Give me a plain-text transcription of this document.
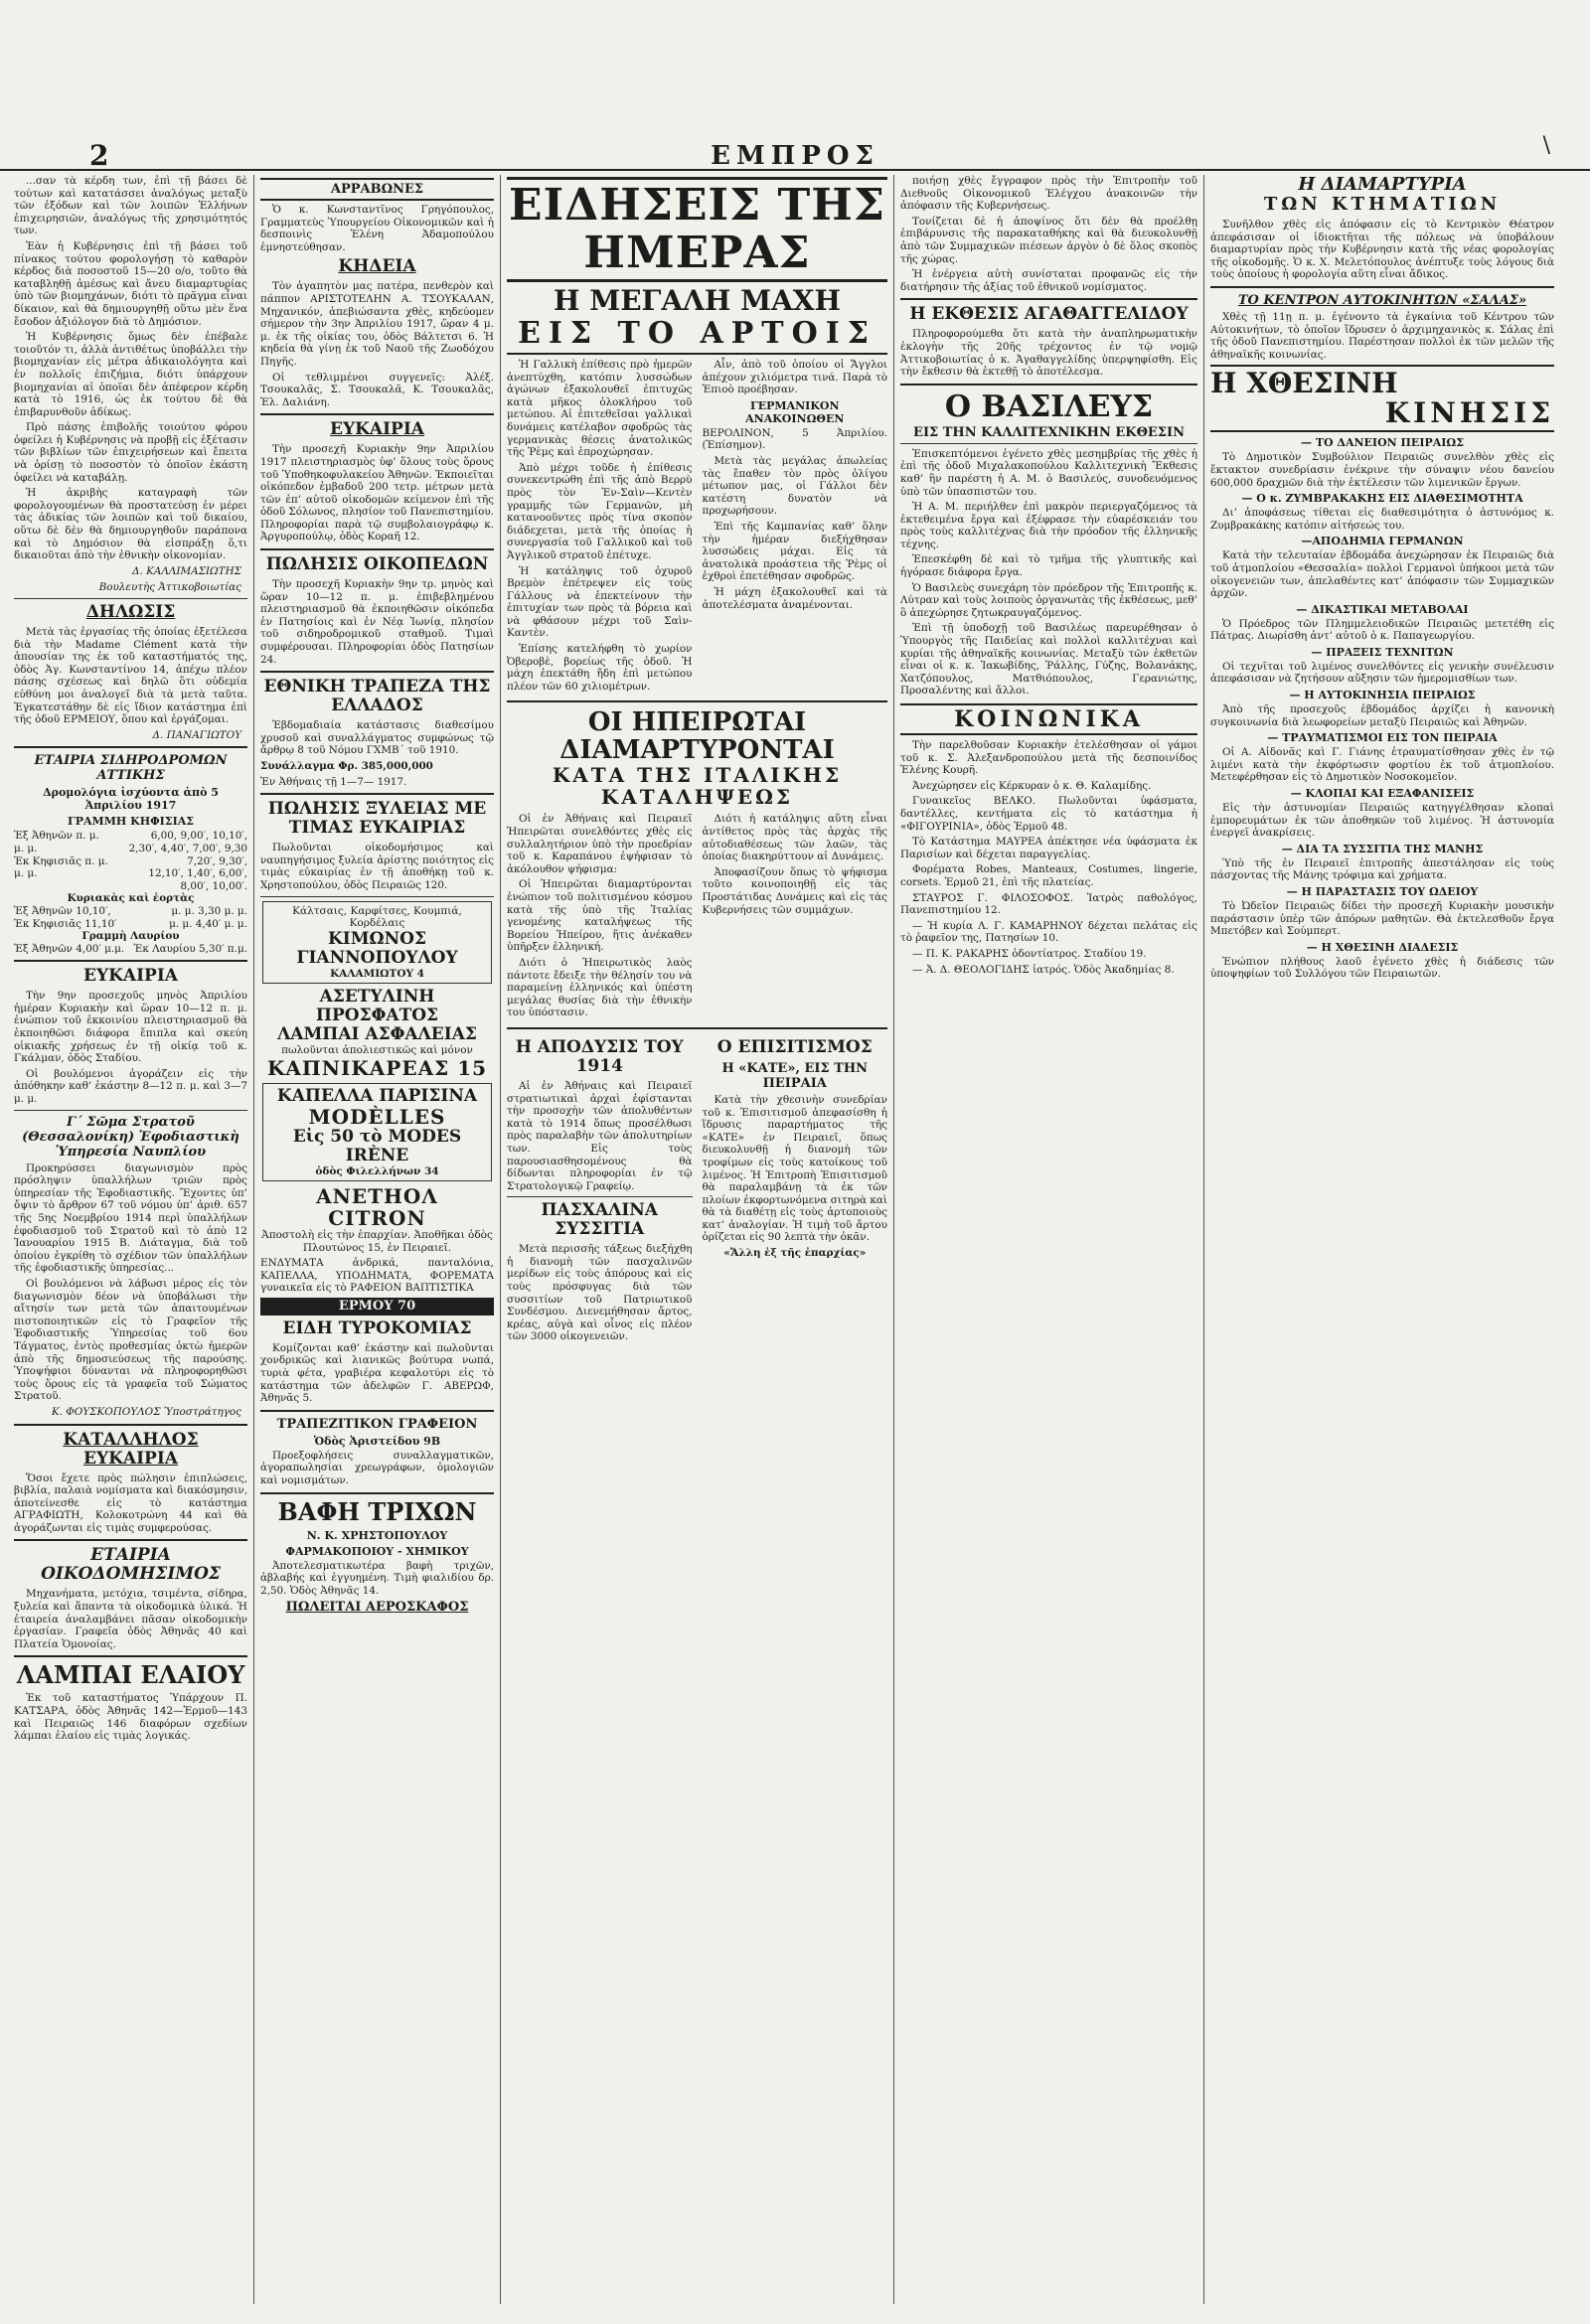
2	ΕΜΠΡΟΣ	\

...σαν τὰ κέρδη των, ἐπὶ τῇ βάσει δὲ τούτων καὶ κατατάσσει ἀναλόγως μεταξὺ τῶν ἐξόδων καὶ τῶν λοιπῶν Ἑλλήνων ἐπιχειρησιῶν, ἀναλόγως τῆς χρησιμότητός των.

Ἐὰν ἡ Κυβέρνησις ἐπὶ τῇ βάσει τοῦ πίνακος τούτου φορολογήσῃ τὸ καθαρὸν κέρδος διὰ ποσοστοῦ 15—20 ο/ο, τοῦτο θὰ καταβληθῇ ἀμέσως καὶ ἄνευ διαμαρτυρίας ὑπὸ τῶν βιομηχάνων, διότι τὸ πρᾶγμα εἶναι δίκαιον, καὶ θὰ δημιουργηθῇ οὕτω μὲν ἕνα ἔσοδον ἀξιόλογον διὰ τὸ Δημόσιον.

Ἡ Κυβέρνησις ὅμως δὲν ἐπέβαλε τοιοῦτόν τι, ἀλλὰ ἀντιθέτως ὑποβάλλει τὴν βιομηχανίαν εἰς μέτρα ἀδικαιολόγητα καὶ ἐν πολλοῖς ἐπιζήμια, διότι ὑπάρχουν βιομηχανίαι αἱ ὁποῖαι δὲν ἀπέφερον κέρδη κατὰ τὸ 1916, ὡς ἐκ τούτου δὲ θὰ ἐπιβαρυνθοῦν ἀδίκως.

Πρὸ πάσης ἐπιβολῆς τοιούτου φόρου ὀφείλει ἡ Κυβέρνησις νὰ προβῇ εἰς ἐξέτασιν τῶν βιβλίων τῶν ἐπιχειρήσεων καὶ ἔπειτα νὰ ὁρίσῃ τὸ ποσοστὸν τὸ ὁποῖον ἐκάστη ὀφείλει νὰ καταβάλῃ.

Ἡ ἀκριβὴς καταγραφὴ τῶν φορολογουμένων θὰ προστατεύσῃ ἐν μέρει τὰς ἀδικίας τῶν λοιπῶν καὶ τοῦ δικαίου, οὕτω δὲ δὲν θὰ δημιουργηθοῦν παράπονα καὶ τὸ Δημόσιον θὰ εἰσπράξῃ ὅ,τι δικαιοῦται ἀπὸ τὴν ἐθνικὴν οἰκονομίαν.

Δ. ΚΑΛΛΙΜΑΣΙΩΤΗΣ
Βουλευτὴς Ἀττικοβοιωτίας
ΔΗΛΩΣΙΣ

Μετὰ τὰς ἐργασίας τῆς ὁποίας ἐξετέλεσα διὰ τὴν Madame Clément κατὰ τὴν ἀπουσίαν της ἐκ τοῦ καταστήματός της, ὁδὸς Ἀγ. Κωνσταντίνου 14, ἀπέχω πλέον πάσης σχέσεως καὶ δηλῶ ὅτι οὐδεμία εὐθύνη μοι ἀναλογεῖ διὰ τὰ μετὰ ταῦτα. Ἐγκατεστάθην δὲ εἰς ἴδιον κατάστημα ἐπὶ τῆς ὁδοῦ ΕΡΜΕΙΟΥ, ὅπου καὶ ἐργάζομαι.

Δ. ΠΑΝΑΓΙΩΤΟΥ
ΕΤΑΙΡΙΑ ΣΙΔΗΡΟΔΡΟΜΩΝ ΑΤΤΙΚΗΣ
Δρομολόγια ἰσχύοντα ἀπὸ 5 Ἀπριλίου 1917
ΓΡΑΜΜΗ ΚΗΦΙΣΙΑΣ
Ἐξ Ἀθηνῶν π. μ.	6,00, 9,00′, 10,10′,
μ. μ.	2,30′, 4,40′, 7,00′, 9,30
Ἐκ Κηφισιᾶς π. μ.	7,20′, 9,30′,
μ. μ.	12,10′, 1,40′, 6,00′,
8,00′, 10,00′.
Κυριακὰς καὶ ἑορτὰς
Ἐξ Ἀθηνῶν 10,10′,	μ. μ. 3,30 μ. μ.
Ἐκ Κηφισιᾶς 11,10′	μ. μ. 4,40′ μ. μ.
Γραμμὴ Λαυρίου
Ἐξ Ἀθηνῶν 4,00′ μ.μ. Ἐκ Λαυρίου 5,30′ π.μ.
ΕΥΚΑΙΡΙΑ

Τὴν 9ην προσεχοῦς μηνὸς Ἀπριλίου ἡμέραν Κυριακὴν καὶ ὥραν 10—12 π. μ. ἐνώπιον τοῦ ἐκκοινίου πλειστηριασμοῦ θὰ ἐκποιηθῶσι διάφορα ἔπιπλα καὶ σκεύη οἰκιακῆς χρήσεως ἐν τῇ οἰκίᾳ τοῦ κ. Γκάλμαν, ὁδὸς Σταδίου.

Οἱ βουλόμενοι ἀγοράζειν εἰς τὴν ἀπόθηκην καθ’ ἑκάστην 8—12 π. μ. καὶ 3—7 μ. μ.

Γ΄ Σῶμα Στρατοῦ (Θεσσαλονίκη) Ἐφοδιαστικὴ Ὑπηρεσία Ναυπλίου

Προκηρύσσει διαγωνισμὸν πρὸς πρόσληψιν ὑπαλλήλων τριῶν πρὸς ὑπηρεσίαν τῆς Ἐφοδιαστικῆς. Ἔχοντες ὑπ’ ὄψιν τὸ ἄρθρον 67 τοῦ νόμου ὑπ’ ἀριθ. 657 τῆς 5ης Νοεμβρίου 1914 περὶ ὑπαλλήλων ἐφοδιασμοῦ τοῦ Στρατοῦ καὶ τὸ ἀπὸ 12 Ἰανουαρίου 1915 Β. Διάταγμα, διὰ τοῦ ὁποίου ἐγκρίθη τὸ σχέδιον τῶν ὑπαλλήλων τῆς ἐφοδιαστικῆς ὑπηρεσίας...

Οἱ βουλόμενοι νὰ λάβωσι μέρος εἰς τὸν διαγωνισμὸν δέον νὰ ὑποβάλωσι τὴν αἴτησίν των μετὰ τῶν ἀπαιτουμένων πιστοποιητικῶν εἰς τὸ Γραφεῖον τῆς Ἐφοδιαστικῆς Ὑπηρεσίας τοῦ 6ου Τάγματος, ἐντὸς προθεσμίας ὀκτὼ ἡμερῶν ἀπὸ τῆς δημοσιεύσεως τῆς παρούσης. Ὑποψήφιοι δύνανται νὰ πληροφορηθῶσι τοὺς ὅρους εἰς τὰ γραφεῖα τοῦ Σώματος Στρατοῦ.

Κ. ΦΟΥΣΚΟΠΟΥΛΟΣ Ὑποστράτηγος
ΚΑΤΑΛΛΗΛΟΣ ΕΥΚΑΙΡΙΑ

Ὅσοι ἔχετε πρὸς πώλησιν ἐπιπλώσεις, βιβλία, παλαιὰ νομίσματα καὶ διακόσμησιν, ἀποτείνεσθε εἰς τὸ κατάστημα ΑΓΡΑΦΙΩΤΗ, Κολοκοτρώνη 44 καὶ θὰ ἀγοράζωνται εἰς τιμὰς συμφερούσας.

ΕΤΑΙΡΙΑ ΟΙΚΟΔΟΜΗΣΙΜΟΣ

Μηχανήματα, μετόχια, τσιμέντα, σίδηρα, ξυλεία καὶ ἅπαντα τὰ οἰκοδομικὰ ὑλικά. Ἡ ἐταιρεία ἀναλαμβάνει πᾶσαν οἰκοδομικὴν ἐργασίαν. Γραφεῖα ὁδὸς Ἀθηνᾶς 40 καὶ Πλατεία Ὁμονοίας.

ΛΑΜΠΑΙ ΕΛΑΙΟΥ

Ἐκ τοῦ καταστήματος Ὑπάρχουν Π. ΚΑΤΣΑΡΑ, ὁδὸς Ἀθηνᾶς 142—Ἐρμοῦ—143 καὶ Πειραιῶς 146 διαφόρων σχεδίων λάμπαι ἐλαίου εἰς τιμὰς λογικάς.

ΑΡΡΑΒΩΝΕΣ

Ὁ κ. Κωνσταντῖνος Γρηγόπουλος, Γραμματεὺς Ὑπουργείου Οἰκονομικῶν καὶ ἡ δεσποινὶς Ἑλένη Ἀδαμοπούλου ἐμνηστεύθησαν.

ΚΗΔΕΙΑ

Τὸν ἀγαπητὸν μας πατέρα, πενθερὸν καὶ πάππον ΑΡΙΣΤΟΤΕΛΗΝ Α. ΤΣΟΥΚΑΛΑΝ, Μηχανικόν, ἀπεβιώσαντα χθὲς, κηδεύομεν σήμερον τὴν 3ην Ἀπριλίου 1917, ὥραν 4 μ. μ. ἐκ τῆς οἰκίας του, ὁδὸς Βάλτετσι 6. Ἡ κηδεία θὰ γίνῃ ἐκ τοῦ Ναοῦ τῆς Ζωοδόχου Πηγῆς.

Οἱ τεθλιμμένοι συγγενεῖς: Ἀλέξ. Τσουκαλᾶς, Σ. Τσουκαλᾶ, Κ. Τσουκαλᾶς, Ἑλ. Δαλιάνη.

ΕΥΚΑΙΡΙΑ

Τὴν προσεχῆ Κυριακὴν 9ην Ἀπριλίου 1917 πλειστηριασμὸς ὑφ’ ὅλους τοὺς ὅρους τοῦ Ὑποθηκοφυλακείου Ἀθηνῶν. Ἐκποιεῖται οἰκόπεδον ἐμβαδοῦ 200 τετρ. μέτρων μετὰ τῶν ἐπ’ αὐτοῦ οἰκοδομῶν κείμενον ἐπὶ τῆς ὁδοῦ Σόλωνος, πλησίον τοῦ Πανεπιστημίου. Πληροφορίαι παρὰ τῷ συμβολαιογράφῳ κ. Ἀργυροπούλῳ, ὁδὸς Κοραῆ 12.

ΠΩΛΗΣΙΣ ΟΙΚΟΠΕΔΩΝ

Τὴν προσεχῆ Κυριακὴν 9ην τρ. μηνὸς καὶ ὥραν 10—12 π. μ. ἐπιβεβλημένου πλειστηριασμοῦ θὰ ἐκποιηθῶσιν οἰκόπεδα ἐν Πατησίοις καὶ ἐν Νέᾳ Ἰωνίᾳ, πλησίον τοῦ σιδηροδρομικοῦ σταθμοῦ. Τιμαὶ συμφέρουσαι. Πληροφορίαι ὁδὸς Πατησίων 24.

ΕΘΝΙΚΗ ΤΡΑΠΕΖΑ ΤΗΣ ΕΛΛΑΔΟΣ

Ἐβδομαδιαία κατάστασις διαθεσίμου χρυσοῦ καὶ συναλλάγματος συμφώνως τῷ ἄρθρῳ 8 τοῦ Νόμου ΓΧΜΒ΄ τοῦ 1910.

Συνάλλαγμα Φρ. 385,000,000

Ἐν Ἀθήναις τῇ 1—7— 1917.

ΠΩΛΗΣΙΣ ΞΥΛΕΙΑΣ ΜΕ ΤΙΜΑΣ ΕΥΚΑΙΡΙΑΣ

Πωλοῦνται οἰκοδομήσιμος καὶ ναυπηγήσιμος ξυλεία ἀρίστης ποιότητος εἰς τιμὰς εὐκαιρίας ἐν τῇ ἀποθήκῃ τοῦ κ. Χρηστοπούλου, ὁδὸς Πειραιῶς 120.

Κάλτσαις, Καρφίτσες, Κουμπιά, Κορδέλαις
ΚΙΜΩΝΟΣ ΓΙΑΝΝΟΠΟΥΛΟΥ
ΚΑΛΑΜΙΩΤΟΥ 4
ΑΣΕΤΥΛΙΝΗ ΠΡΟΣΦΑΤΟΣ
ΛΑΜΠΑΙ ΑΣΦΑΛΕΙΑΣ
πωλοῦνται ἀπολιεστικῶς καὶ μόνον
ΚΑΠΝΙΚΑΡΕΑΣ 15
ΚΑΠΕΛΛΑ ΠΑΡΙΣΙΝΑ
MODÈLLES
Εἰς 50 τὸ MODES IRÈNE
ὁδὸς Φιλελλήνων 34
ΑΝΕΤΗΟΛ
CITRON
Ἀποστολὴ εἰς τὴν ἐπαρχίαν. Ἀποθῆκαι ὁδὸς Πλουτώνος 15, ἐν Πειραιεῖ.

ΕΝΔΥΜΑΤΑ ἀνδρικά, πανταλόνια, ΚΑΠΕΛΛΑ, ΥΠΟΔΗΜΑΤΑ, ΦΟΡΕΜΑΤΑ γυναικεῖα εἰς τὸ ΡΑΦΕΙΟΝ ΒΑΠΤΙΣΤΙΚΑ

ΕΡΜΟΥ 70
ΕΙΔΗ ΤΥΡΟΚΟΜΙΑΣ

Κομίζονται καθ’ ἑκάστην καὶ πωλοῦνται χονδρικῶς καὶ λιανικῶς βούτυρα νωπά, τυριὰ φέτα, γραβιέρα κεφαλοτύρι εἰς τὸ κατάστημα τῶν ἀδελφῶν Γ. ΑΒΕΡΩΦ, Ἀθηνᾶς 5.

ΤΡΑΠΕΖΙΤΙΚΟΝ ΓΡΑΦΕΙΟΝ
Ὁδὸς Ἀριστείδου 9Β

Προεξοφλήσεις συναλλαγματικῶν, ἀγοραπωλησίαι χρεωγράφων, ὁμολογιῶν καὶ νομισμάτων.

ΒΑΦΗ ΤΡΙΧΩΝ
Ν. Κ. ΧΡΗΣΤΟΠΟΥΛΟΥ
ΦΑΡΜΑΚΟΠΟΙΟΥ - ΧΗΜΙΚΟΥ

Ἀποτελεσματικωτέρα βαφὴ τριχῶν, ἀβλαβής καὶ ἐγγυημένη. Τιμὴ φιαλιδίου δρ. 2,50. Ὁδὸς Ἀθηνᾶς 14.

ΠΩΛΕΙΤΑΙ ΑΕΡΟΣΚΑΦΟΣ
ΕΙΔΗΣΕΙΣ ΤΗΣ ΗΜΕΡΑΣ
Η ΜΕΓΑΛΗ ΜΑΧΗ
ΕΙΣ ΤΟ ΑΡΤΟΙΣ

Ἡ Γαλλικὴ ἐπίθεσις πρὸ ἡμερῶν ἀνεπτύχθη, κατόπιν λυσσώδων ἀγώνων ἐξακολουθεῖ ἐπιτυχῶς κατὰ μῆκος ὁλοκλήρου τοῦ μετώπου. Αἱ ἐπιτεθεῖσαι γαλλικαὶ δυνάμεις κατέλαβον σφοδρῶς τὰς γερμανικὰς θέσεις ἀνατολικῶς τῆς Ῥὲμς καὶ ἐπροχώρησαν.

Ἀπὸ μέχρι τοῦδε ἡ ἐπίθεσις συνεκεντρώθη ἐπὶ τῆς ἀπὸ Βερρὺ πρὸς τὸν Ἐν-Σαὶν—Κεντὲν γραμμῆς τῶν Γερμανῶν, μὴ κατανοοῦντες πρὸς τίνα σκοπὸν διάδεχεται, μετὰ τῆς ὁποίας ἡ συνεργασία τοῦ Γαλλικοῦ καὶ τοῦ Ἀγγλικοῦ στρατοῦ ἐπέτυχε.

Ἡ κατάληψις τοῦ ὀχυροῦ Βρεμὸν ἐπέτρεψεν εἰς τοὺς Γάλλους νὰ ἐπεκτείνουν τὴν ἐπιτυχίαν των πρὸς τὰ βόρεια καὶ νὰ φθάσουν μέχρι τοῦ Σαὶν-Καντὲν.

Ἐπίσης κατελήφθη τὸ χωρίον Ὀβεροβὲ, βορείως τῆς ὁδοῦ. Ἡ μάχη ἐπεκτάθη ἤδη ἐπὶ μετώπου πλέον τῶν 60 χιλιομέτρων.

Αἶν, ἀπὸ τοῦ ὁποίου οἱ Ἄγγλοι ἀπέχουν χιλιόμετρα τινά. Παρὰ τὸ Ἐπιοὸ προέβησαν.

ΓΕΡΜΑΝΙΚΟΝ ΑΝΑΚΟΙΝΩΘΕΝ

ΒΕΡΟΛΙΝΟΝ, 5 Ἀπριλίου. (Ἐπίσημον).

Μετὰ τὰς μεγάλας ἀπωλείας τὰς ἔπαθεν τὸν πρὸς ὀλίγου μέτωπον μας, οἱ Γάλλοι δὲν κατέστη δυνατὸν νὰ προχωρήσουν.

Ἐπὶ τῆς Καμπανίας καθ’ ὅλην τὴν ἡμέραν διεξήχθησαν λυσσώδεις μάχαι. Εἰς τὰ ἀνατολικὰ προάστεια τῆς Ῥὲμς οἱ ἐχθροὶ ἐπετέθησαν σφοδρῶς.

Ἡ μάχη ἐξακολουθεῖ καὶ τὰ ἀποτελέσματα ἀναμένονται.

ΟΙ ΗΠΕΙΡΩΤΑΙ ΔΙΑΜΑΡΤΥΡΟΝΤΑΙ
ΚΑΤΑ ΤΗΣ ΙΤΑΛΙΚΗΣ ΚΑΤΑΛΗΨΕΩΣ

Οἱ ἐν Ἀθήναις καὶ Πειραιεῖ Ἠπειρῶται συνελθόντες χθὲς εἰς συλλαλητήριον ὑπὸ τὴν προεδρίαν τοῦ κ. Καραπάνου ἐψήφισαν τὸ ἀκόλουθον ψήφισμα:

Οἱ Ἠπειρῶται διαμαρτύρονται ἐνώπιον τοῦ πολιτισμένου κόσμου κατὰ τῆς ὑπὸ τῆς Ἰταλίας γενομένης καταλήψεως τῆς Βορείου Ἠπείρου, ἥτις ἀνέκαθεν ὑπῆρξεν ἑλληνική.

Διότι ὁ Ἠπειρωτικὸς λαὸς πάντοτε ἔδειξε τὴν θέλησίν του νὰ παραμείνῃ ἑλληνικός καὶ ὑπέστη μεγάλας θυσίας διὰ τὴν ἐθνικὴν του ὑπόστασιν.

Διότι ἡ κατάληψις αὕτη εἶναι ἀντίθετος πρὸς τὰς ἀρχὰς τῆς αὐτοδιαθέσεως τῶν λαῶν, τὰς ὁποίας διακηρύττουν αἱ Δυνάμεις.

Ἀποφασίζουν ὅπως τὸ ψήφισμα τοῦτο κοινοποιηθῇ εἰς τὰς Προστάτιδας Δυνάμεις καὶ εἰς τὰς Κυβερνήσεις τῶν συμμάχων.

Η ΑΠΟΔΥΣΙΣ ΤΟΥ 1914

Αἱ ἐν Ἀθήναις καὶ Πειραιεῖ στρατιωτικαὶ ἀρχαὶ ἐφίστανται τὴν προσοχὴν τῶν ἀπολυθέντων κατὰ τὸ 1914 ὅπως προσέλθωσι πρὸς παραλαβὴν τῶν ἀπολυτηρίων των. Εἰς τοὺς παρουσιασθησομένους θὰ δίδωνται πληροφορίαι ἐν τῷ Στρατολογικῷ Γραφείῳ.

ΠΑΣΧΑΛΙΝΑ ΣΥΣΣΙΤΙΑ

Μετὰ περισσῆς τάξεως διεξήχθη ἡ διανομὴ τῶν πασχαλινῶν μερίδων εἰς τοὺς ἀπόρους καὶ εἰς τοὺς πρόσφυγας διὰ τῶν συσσιτίων τοῦ Πατριωτικοῦ Συνδέσμου. Διενεμήθησαν ἄρτος, κρέας, αὐγὰ καὶ οἶνος εἰς πλέον τῶν 3000 οἰκογενειῶν.

Ο ΕΠΙΣΙΤΙΣΜΟΣ
Η «ΚΑΤΕ», ΕΙΣ ΤΗΝ ΠΕΙΡΑΙΑ

Κατὰ τὴν χθεσινὴν συνεδρίαν τοῦ κ. Ἐπισιτισμοῦ ἀπεφασίσθη ἡ ἵδρυσις παραρτήματος τῆς «ΚΑΤΕ» ἐν Πειραιεῖ, ὅπως διευκολυνθῇ ἡ διανομὴ τῶν τροφίμων εἰς τοὺς κατοίκους τοῦ λιμένος. Ἡ Ἐπιτροπὴ Ἐπισιτισμοῦ θὰ παραλαμβάνῃ τὰ ἐκ τῶν πλοίων ἐκφορτωνόμενα σιτηρὰ καὶ θὰ τὰ διαθέτῃ εἰς τοὺς ἀρτοποιοὺς κατ’ ἀναλογίαν. Ἡ τιμὴ τοῦ ἄρτου ὁρίζεται εἰς 90 λεπτὰ τὴν ὀκᾶν.

«Ἄλλη ἐξ τῆς ἐπαρχίας»

ποιήσῃ χθὲς ἔγγραφον πρὸς τὴν Ἐπιτροπὴν τοῦ Διεθνοῦς Οἰκονομικοῦ Ἐλέγχου ἀνακοινῶν τὴν ἀπόφασιν τῆς Κυβερνήσεως.

Τονίζεται δὲ ἡ ἀποψίνος ὅτι δὲν θὰ προέλθῃ ἐπιβάρυνσις τῆς παρακαταθήκης καὶ θὰ διευκολυνθῇ ἀπὸ τῶν Συμμαχικῶν πιέσεων ἀργὸν ὁ δὲ ὅλος σκοπὸς τῆς χώρας.

Ἡ ἐνέργεια αὐτὴ συνίσταται προφανῶς εἰς τὴν διατήρησιν τῆς ἀξίας τοῦ ἐθνικοῦ νομίσματος.

Η ΕΚΘΕΣΙΣ ΑΓΑΘΑΓΓΕΛΙΔΟΥ

Πληροφορούμεθα ὅτι κατὰ τὴν ἀναπληρωματικὴν ἐκλογὴν τῆς 20ῆς τρέχοντος ἐν τῷ νομῷ Ἀττικοβοιωτίας ὁ κ. Ἀγαθαγγελίδης ὑπερψηφίσθη. Εἰς τὴν ἔκθεσιν θὰ ἐκτεθῇ τὸ ἀποτέλεσμα.

Ο ΒΑΣΙΛΕΥΣ
ΕΙΣ ΤΗΝ ΚΑΛΛΙΤΕΧΝΙΚΗΝ ΕΚΘΕΣΙΝ

Ἐπισκεπτόμενοι ἐγένετο χθὲς μεσημβρίας τῆς χθὲς ἡ ἐπὶ τῆς ὁδοῦ Μιχαλακοπούλου Καλλιτεχνικὴ Ἔκθεσις καθ’ ἣν παρέστη ἡ Α. Μ. ὁ Βασιλεύς, συνοδευόμενος ὑπὸ τῶν ὑπασπιστῶν του.

Ἡ Α. Μ. περιήλθεν ἐπὶ μακρὸν περιεργαζόμενος τὰ ἐκτεθειμένα ἔργα καὶ ἐξέφρασε τὴν εὐαρέσκειάν του πρὸς τοὺς καλλιτέχνας διὰ τὴν πρόοδον τῆς ἑλληνικῆς τέχνης.

Ἐπεσκέφθη δὲ καὶ τὸ τμῆμα τῆς γλυπτικῆς καὶ ἠγόρασε διάφορα ἔργα.

Ὁ Βασιλεὺς συνεχάρη τὸν πρόεδρον τῆς Ἐπιτροπῆς κ. Λύτραν καὶ τοὺς λοιποὺς ὀργανωτὰς τῆς ἐκθέσεως, μεθ’ ὃ ἀπεχώρησε ζητωκραυγαζόμενος.

Ἐπὶ τῇ ὑποδοχῇ τοῦ Βασιλέως παρευρέθησαν ὁ Ὑπουργὸς τῆς Παιδείας καὶ πολλοὶ καλλιτέχναι καὶ κυρίαι τῆς ἀθηναϊκῆς κοινωνίας. Μεταξὺ τῶν ἐκθετῶν εἶναι οἱ κ. κ. Ἰακωβίδης, Ῥάλλης, Γύζης, Βολανάκης, Χατζόπουλος, Ματθιόπουλος, Γερανιώτης, Προσαλέντης καὶ ἄλλοι.

ΚΟΙΝΩΝΙΚΑ

Τὴν παρελθοῦσαν Κυριακὴν ἐτελέσθησαν οἱ γάμοι τοῦ κ. Σ. Ἀλεξανδροπούλου μετὰ τῆς δεσποινίδος Ἑλένης Κουρῆ.

Ἀνεχώρησεν εἰς Κέρκυραν ὁ κ. Θ. Καλαμίδης.

Γυναικεῖος ΒΕΛΚΟ. Πωλοῦνται ὑφάσματα, δαντέλλες, κεντήματα εἰς τὸ κατάστημα ἡ «ΦΙΓΟΥΡΙΝΙΑ», ὁδὸς Ἑρμοῦ 48.

Τὸ Κατάστημα ΜΑΥΡΕΑ ἀπέκτησε νέα ὑφάσματα ἐκ Παρισίων καὶ δέχεται παραγγελίας.

Φορέματα Robes, Manteaux, Costumes, lingerie, corsets. Ἐρμοῦ 21, ἐπὶ τῆς πλατείας.

ΣΤΑΥΡΟΣ Γ. ΦΙΛΟΣΟΦΟΣ. Ἰατρὸς παθολόγος, Πανεπιστημίου 12.

— Ἡ κυρία Λ. Γ. ΚΑΜΑΡΗΝΟΥ δέχεται πελάτας εἰς τὸ ῥαφεῖον της, Πατησίων 10.

— Π. Κ. ΡΑΚΑΡΗΣ ὁδοντίατρος. Σταδίου 19.

— Ἀ. Δ. ΘΕΟΛΟΓΙΔΗΣ ἰατρός. Ὁδὸς Ἀκαδημίας 8.

Η ΔΙΑΜΑΡΤΥΡΙΑ
ΤΩΝ ΚΤΗΜΑΤΙΩΝ

Συνῆλθον χθὲς εἰς ἀπόφασιν εἰς τὸ Κεντρικὸν Θέατρον ἀπεφάσισαν οἱ ἰδιοκτῆται τῆς πόλεως νὰ ὑποβάλουν διαμαρτυρίαν πρὸς τὴν Κυβέρνησιν κατὰ τῆς νέας φορολογίας τῆς οἰκοδομῆς. Ὁ κ. Χ. Μελετόπουλος ἀνέπτυξε τοὺς λόγους διὰ τοὺς ὁποίους ἡ φορολογία αὕτη εἶναι ἄδικος.

ΤΟ ΚΕΝΤΡΟΝ ΑΥΤΟΚΙΝΗΤΩΝ «ΣΑΛΑΣ»

Χθὲς τῇ 11ῃ π. μ. ἐγένοντο τὰ ἐγκαίνια τοῦ Κέντρου τῶν Αὐτοκινήτων, τὸ ὁποῖον ἵδρυσεν ὁ ἀρχιμηχανικὸς κ. Σάλας ἐπὶ τῆς ὁδοῦ Πανεπιστημίου. Παρέστησαν πολλοὶ ἐκ τῶν μελῶν τῆς ἀθηναϊκῆς κοινωνίας.

Η ΧΘΕΣΙΝΗ
ΚΙΝΗΣΙΣ
— ΤΟ ΔΑΝΕΙΟΝ ΠΕΙΡΑΙΩΣ

Τὸ Δημοτικὸν Συμβούλιον Πειραιῶς συνελθὸν χθὲς εἰς ἔκτακτον συνεδρίασιν ἐνέκρινε τὴν σύναψιν νέου δανείου 600,000 δραχμῶν διὰ τὴν ἐκτέλεσιν τῶν λιμενικῶν ἔργων.

— Ο κ. ΖΥΜΒΡΑΚΑΚΗΣ ΕΙΣ ΔΙΑΘΕΣΙΜΟΤΗΤΑ

Δι’ ἀποφάσεως τίθεται εἰς διαθεσιμότητα ὁ ἀστυνόμος κ. Ζυμβρακάκης κατόπιν αἰτήσεώς του.

—ΑΠΟΔΗΜΙΑ ΓΕΡΜΑΝΩΝ

Κατὰ τὴν τελευταίαν ἑβδομάδα ἀνεχώρησαν ἐκ Πειραιῶς διὰ τοῦ ἀτμοπλοίου «Θεσσαλία» πολλοὶ Γερμανοὶ ὑπήκοοι μετὰ τῶν οἰκογενειῶν των, ἀπελαθέντες κατ’ ἀπόφασιν τῶν Συμμαχικῶν ἀρχῶν.

— ΔΙΚΑΣΤΙΚΑΙ ΜΕΤΑΒΟΛΑΙ

Ὁ Πρόεδρος τῶν Πλημμελειοδικῶν Πειραιῶς μετετέθη εἰς Πάτρας. Διωρίσθη ἀντ’ αὐτοῦ ὁ κ. Παπαγεωργίου.

— ΠΡΑΞΕΙΣ ΤΕΧΝΙΤΩΝ

Οἱ τεχνῖται τοῦ λιμένος συνελθόντες εἰς γενικὴν συνέλευσιν ἀπεφάσισαν νὰ ζητήσουν αὔξησιν τῶν ἡμερομισθίων των.

— Η ΑΥΤΟΚΙΝΗΣΙΑ ΠΕΙΡΑΙΩΣ

Ἀπὸ τῆς προσεχοῦς ἑβδομάδος ἀρχίζει ἡ κανονικὴ συγκοινωνία διὰ λεωφορείων μεταξὺ Πειραιῶς καὶ Ἀθηνῶν.

— ΤΡΑΥΜΑΤΙΣΜΟΙ ΕΙΣ ΤΟΝ ΠΕΙΡΑΙΑ

Οἱ Α. Αἰδονᾶς καὶ Γ. Γιάνης ἐτραυματίσθησαν χθὲς ἐν τῷ λιμένι κατὰ τὴν ἐκφόρτωσιν φορτίου ἐκ τοῦ ἀτμοπλοίου. Μετεφέρθησαν εἰς τὸ Δημοτικὸν Νοσοκομεῖον.

— ΚΛΟΠΑΙ ΚΑΙ ΕΞΑΦΑΝΙΣΕΙΣ

Εἰς τὴν ἀστυνομίαν Πειραιῶς κατηγγέλθησαν κλοπαὶ ἐμπορευμάτων ἐκ τῶν ἀποθηκῶν τοῦ λιμένος. Ἡ ἀστυνομία ἐνεργεῖ ἀνακρίσεις.

— ΔΙΑ ΤΑ ΣΥΣΣΙΤΙΑ ΤΗΣ ΜΑΝΗΣ

Ὑπὸ τῆς ἐν Πειραιεῖ ἐπιτροπῆς ἀπεστάλησαν εἰς τοὺς πάσχοντας τῆς Μάνης τρόφιμα καὶ χρήματα.

— Η ΠΑΡΑΣΤΑΣΙΣ ΤΟΥ ΩΔΕΙΟΥ

Τὸ Ὠδεῖον Πειραιῶς δίδει τὴν προσεχῆ Κυριακὴν μουσικὴν παράστασιν ὑπὲρ τῶν ἀπόρων μαθητῶν. Θὰ ἐκτελεσθοῦν ἔργα Μπετόβεν καὶ Σούμπερτ.

— Η ΧΘΕΣΙΝΗ ΔΙΑΔΕΣΙΣ

Ἐνώπιον πλήθους λαοῦ ἐγένετο χθὲς ἡ διάδεσις τῶν ὑποψηφίων τοῦ Συλλόγου τῶν Πειραιωτῶν.
